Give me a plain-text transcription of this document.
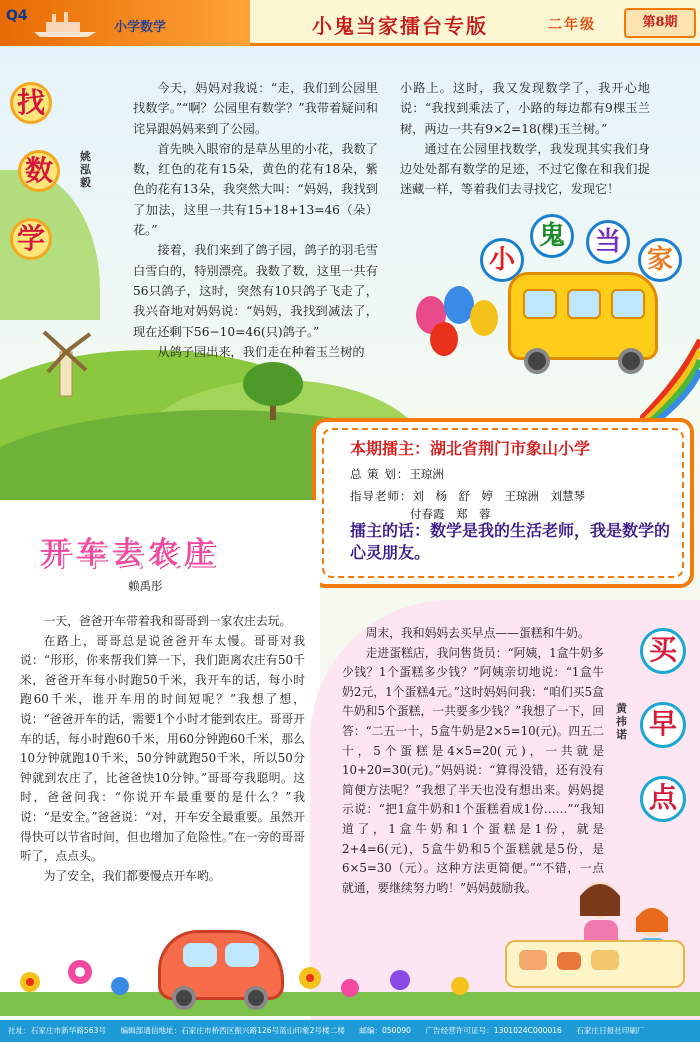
Q4
小学数学	小鬼当家擂台专版	二年级	第8期
找
数
学
姚泓毅

今天，妈妈对我说：“走，我们到公园里找数学。”“啊？公园里有数学？”我带着疑问和诧异跟妈妈来到了公园。

首先映入眼帘的是草丛里的小花，我数了数，红色的花有15朵，黄色的花有18朵，紫色的花有13朵，我突然大叫：“妈妈，我找到了加法，这里一共有15+18+13=46（朵）花。”

接着，我们来到了鸽子园，鸽子的羽毛雪白雪白的，特别漂亮。我数了数，这里一共有56只鸽子，这时，突然有10只鸽子飞走了，我兴奋地对妈妈说：“妈妈，我找到减法了，现在还剩下56−10=46(只)鸽子。”

从鸽子园出来，我们走在种着玉兰树的

小路上。这时，我又发现数学了，我开心地说：“我找到乘法了，小路的每边都有9棵玉兰树，两边一共有9×2=18(棵)玉兰树。”

通过在公园里找数学，我发现其实我们身边处处都有数学的足迹，不过它像在和我们捉迷藏一样，等着我们去寻找它，发现它！

小
鬼	当
家
本期擂主：湖北省荆门市象山小学
总 策 划：王琼洲
指导老师：刘　杨　舒　婷　王琼洲　刘慧琴
付春霞　郑　蓉
擂主的话：数学是我的生活老师，我是数学的心灵朋友。
开车去农庄
赖禹彤

一天，爸爸开车带着我和哥哥到一家农庄去玩。

在路上，哥哥总是说爸爸开车太慢。哥哥对我说：“形形，你来帮我们算一下，我们距离农庄有50千米，爸爸开车每小时跑50千米，我开车的话，每小时跑60千米，谁开车用的时间短呢？”我想了想，说：“爸爸开车的话，需要1个小时才能到农庄。哥哥开车的话，每小时跑60千米，用60分钟跑60千米，那么10分钟就跑10千米，50分钟就跑50千米，所以50分钟就到农庄了，比爸爸快10分钟。”哥哥夸我聪明。这时，爸爸问我：“你说开车最重要的是什么？”我说：“是安全。”爸爸说：“对，开车安全最重要。虽然开得快可以节省时间，但也增加了危险性。”在一旁的哥哥听了，点点头。

为了安全，我们都要慢点开车哟。

周末，我和妈妈去买早点——蛋糕和牛奶。

走进蛋糕店，我问售货员：“阿姨，1盒牛奶多少钱？1个蛋糕多少钱？”阿姨亲切地说：“1盒牛奶2元，1个蛋糕4元。”这时妈妈问我：“咱们买5盒牛奶和5个蛋糕，一共要多少钱？”我想了一下，回答：“二五一十，5盒牛奶是2×5=10(元)。四五二十，5个蛋糕是4×5=20(元)，一共就是10+20=30(元)。”妈妈说：“算得没错，还有没有简便方法呢？”我想了半天也没有想出来。妈妈提示说：“把1盒牛奶和1个蛋糕看成1份……”“我知道了，1盒牛奶和1个蛋糕是1份，就是2+4=6(元)，5盒牛奶和5个蛋糕就是5份，是6×5=30（元）。这种方法更简便。”“不错，一点就通，要继续努力哟！”妈妈鼓励我。

买
早
点
黄祎诺
社址：石家庄市新华路563号 编辑部通信地址：石家庄市桥西区振兴路126号蓝山印象2号楼二楼 邮编：050090 广告经营许可证号：1301024C000016 石家庄日报社印刷厂
